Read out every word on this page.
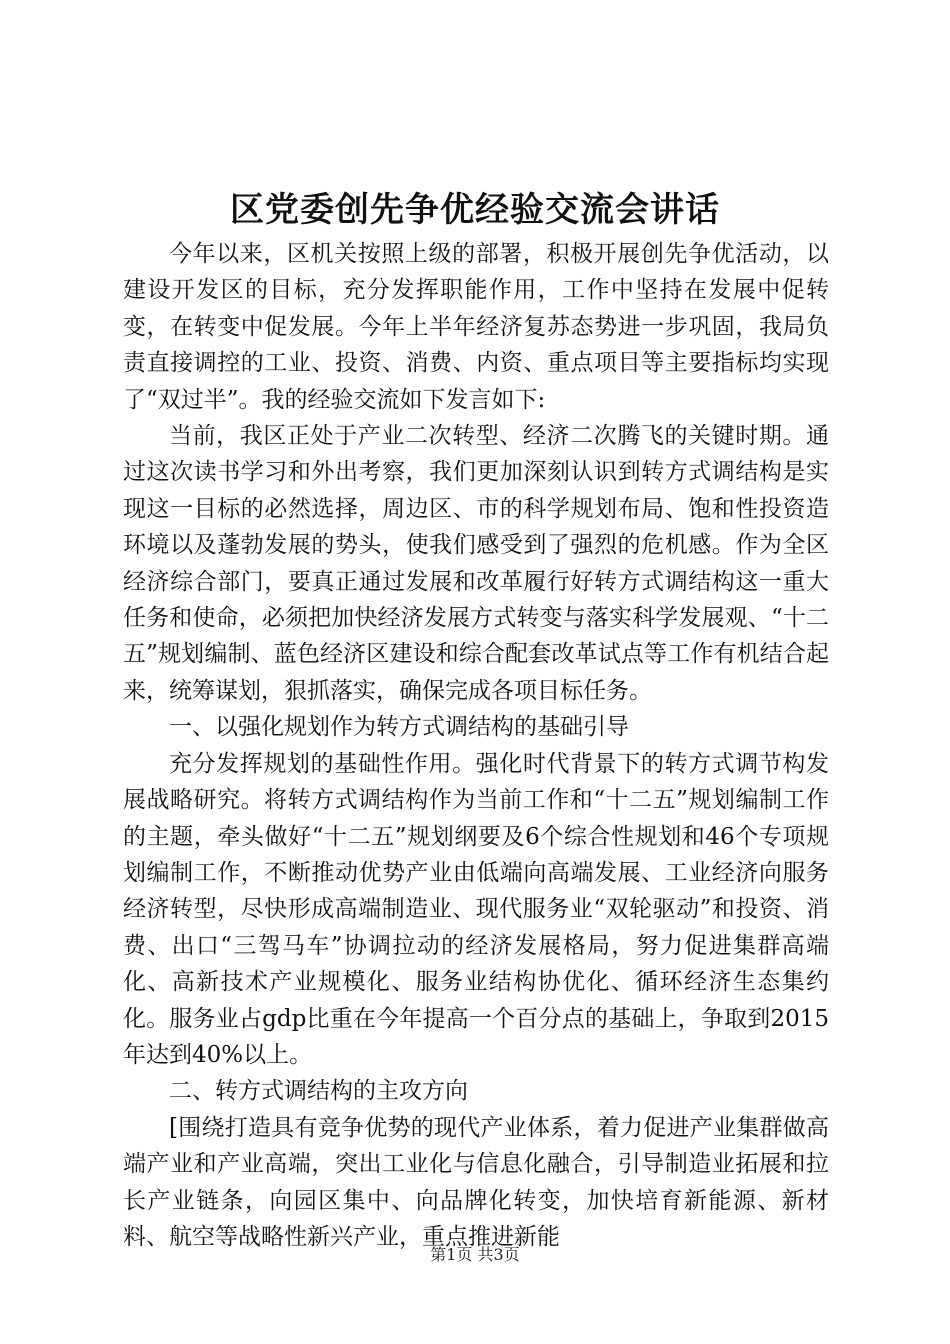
区党委创先争优经验交流会讲话

今年以来，区机关按照上级的部署，积极开展创先争优活动，以建设开发区的目标，充分发挥职能作用，工作中坚持在发展中促转变，在转变中促发展。今年上半年经济复苏态势进一步巩固，我局负责直接调控的工业、投资、消费、内资、重点项目等主要指标均实现了“双过半”。我的经验交流如下发言如下:

当前，我区正处于产业二次转型、经济二次腾飞的关键时期。通过这次读书学习和外出考察，我们更加深刻认识到转方式调结构是实现这一目标的必然选择，周边区、市的科学规划布局、饱和性投资造环境以及蓬勃发展的势头，使我们感受到了强烈的危机感。作为全区经济综合部门，要真正通过发展和改革履行好转方式调结构这一重大任务和使命，必须把加快经济发展方式转变与落实科学发展观、“十二五”规划编制、蓝色经济区建设和综合配套改革试点等工作有机结合起来，统筹谋划，狠抓落实，确保完成各项目标任务。

一、以强化规划作为转方式调结构的基础引导

充分发挥规划的基础性作用。强化时代背景下的转方式调节构发展战略研究。将转方式调结构作为当前工作和“十二五”规划编制工作的主题，牵头做好“十二五”规划纲要及6个综合性规划和46个专项规划编制工作，不断推动优势产业由低端向高端发展、工业经济向服务经济转型，尽快形成高端制造业、现代服务业“双轮驱动”和投资、消费、出口“三驾马车”协调拉动的经济发展格局，努力促进集群高端化、高新技术产业规模化、服务业结构协优化、循环经济生态集约化。服务业占gdp比重在今年提高一个百分点的基础上，争取到2015年达到40%以上。

二、转方式调结构的主攻方向

[围绕打造具有竞争优势的现代产业体系，着力促进产业集群做高端产业和产业高端，突出工业化与信息化融合，引导制造业拓展和拉长产业链条，向园区集中、向品牌化转变，加快培育新能源、新材料、航空等战略性新兴产业，重点推进新能

第1页 共3页
